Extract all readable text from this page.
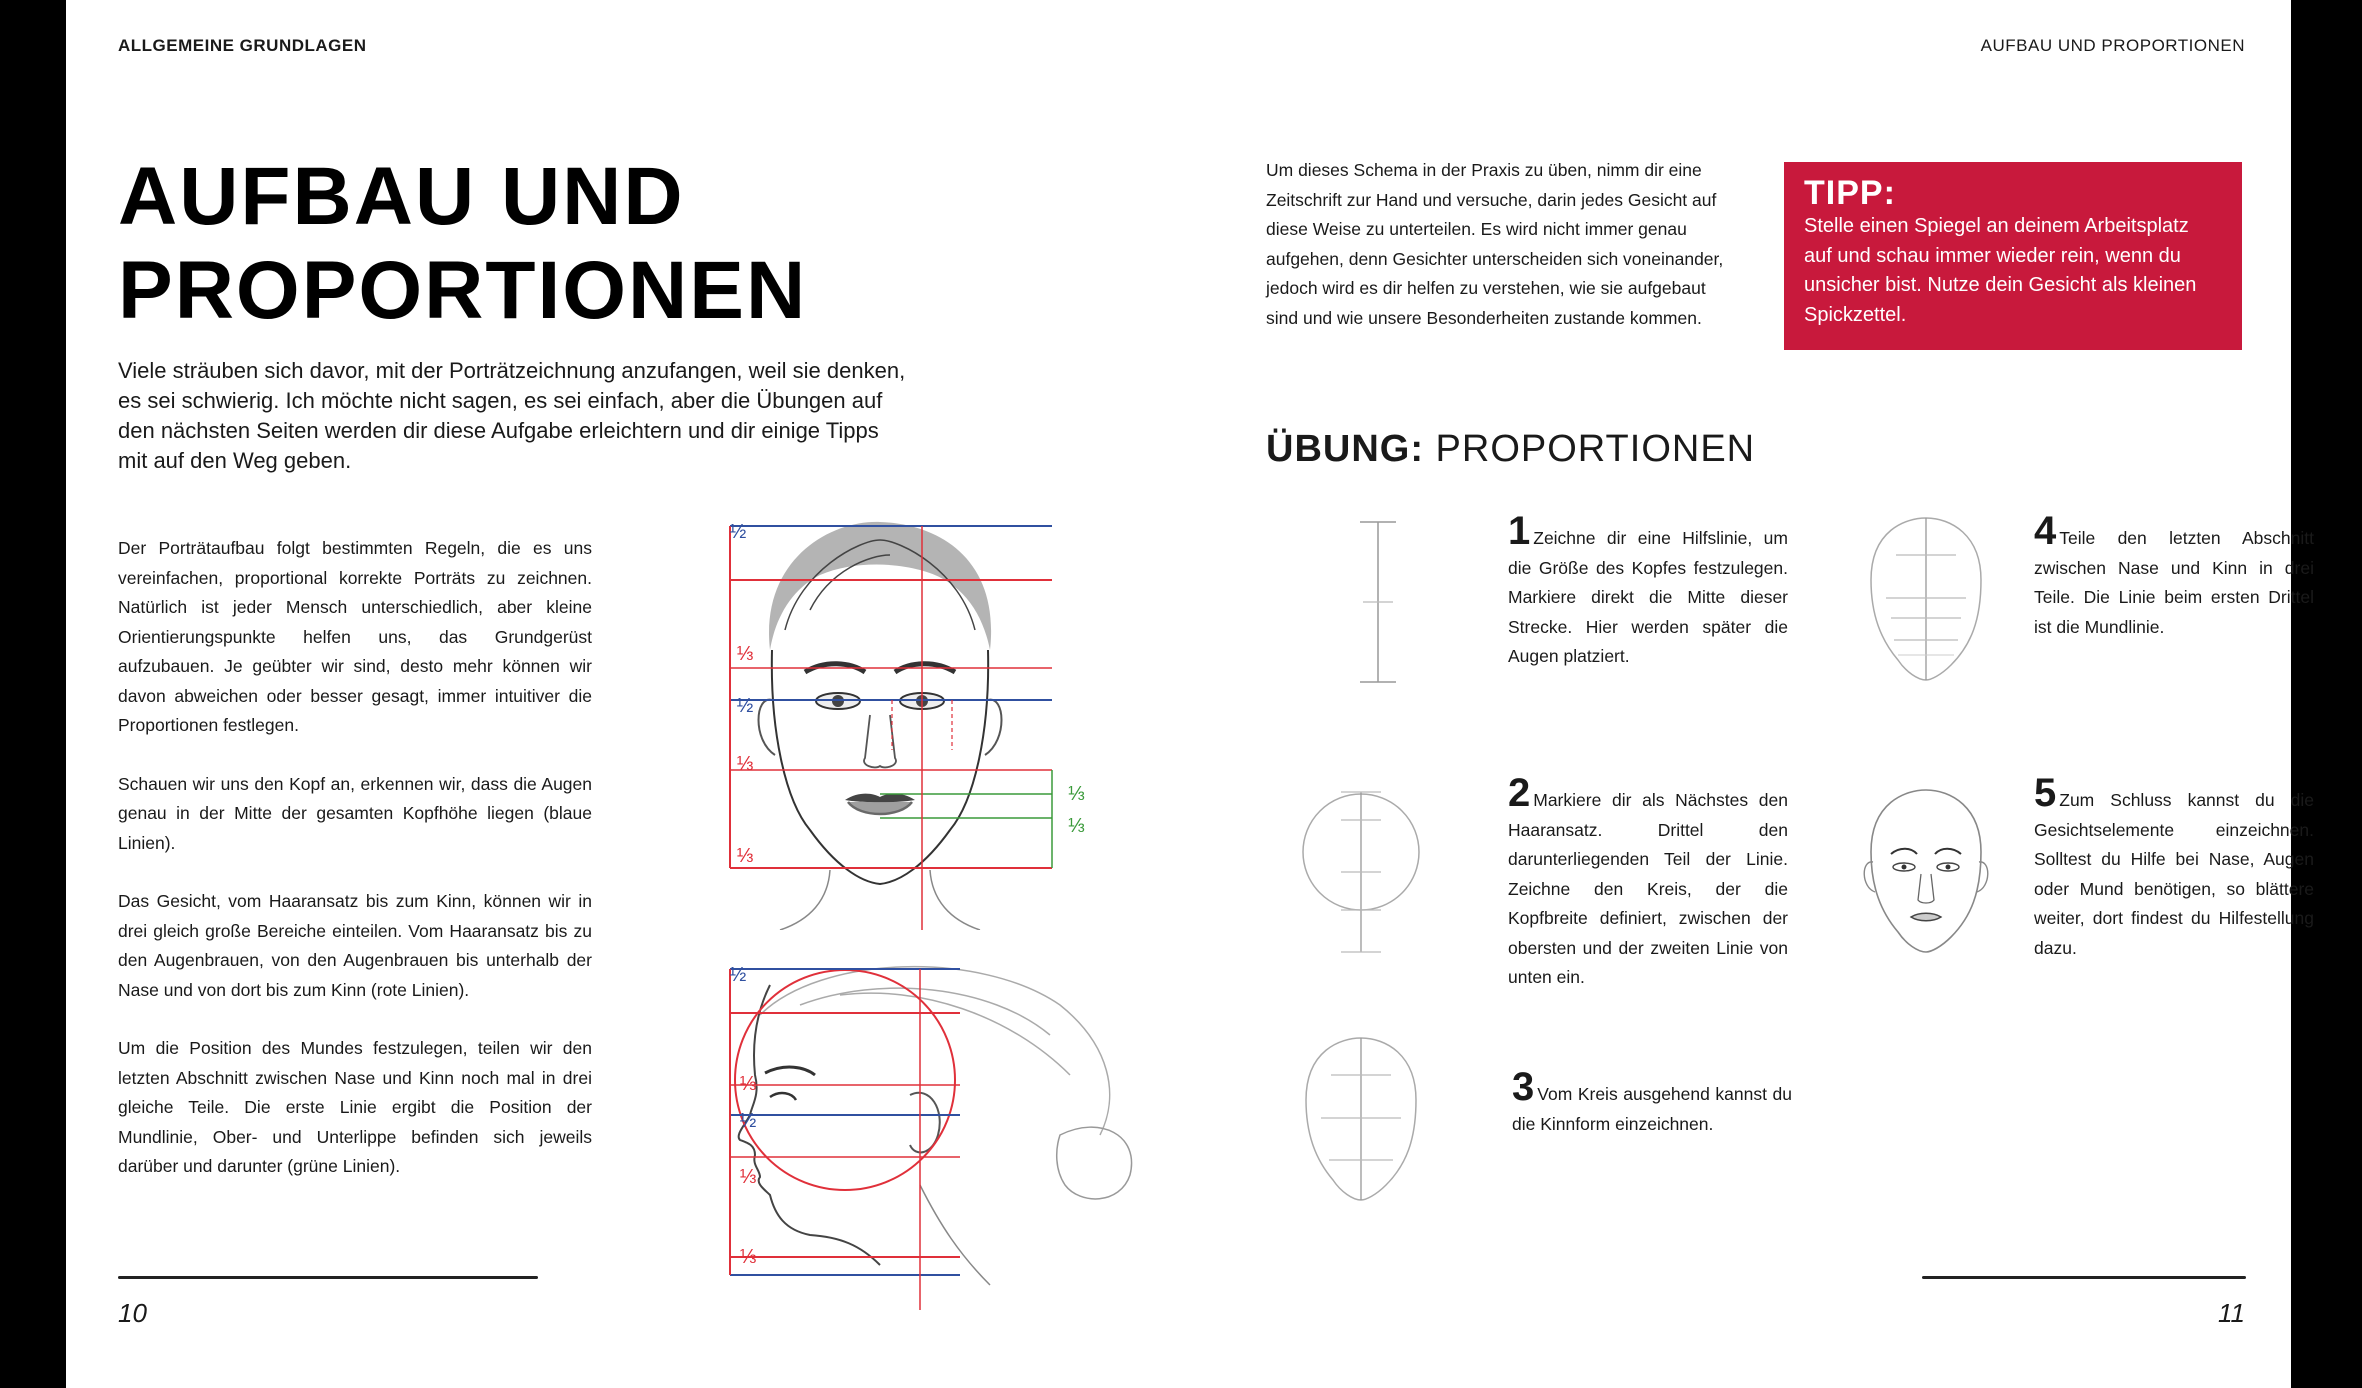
ALLGEMEINE GRUNDLAGEN	AUFBAU UND PROPORTIONEN
AUFBAU UND
PROPORTIONEN

Viele sträuben sich davor, mit der Porträtzeichnung anzufangen, weil sie denken, es sei schwierig. Ich möchte nicht sagen, es sei einfach, aber die Übungen auf den nächsten Seiten werden dir diese Aufgabe erleichtern und dir einige Tipps mit auf den Weg geben.

Der Porträtaufbau folgt bestimmten Regeln, die es uns vereinfachen, proportional korrekte Porträts zu zeichnen. Natürlich ist jeder Mensch unterschiedlich, aber kleine Orientierungspunkte helfen uns, das Grundgerüst aufzubauen. Je geübter wir sind, desto mehr können wir davon abweichen oder besser gesagt, immer intuitiver die Proportionen festlegen.

Schauen wir uns den Kopf an, erkennen wir, dass die Augen genau in der Mitte der gesamten Kopfhöhe liegen (blaue Linien).

Das Gesicht, vom Haaransatz bis zum Kinn, können wir in drei gleich große Bereiche einteilen. Vom Haaransatz bis zu den Augenbrauen, von den Augenbrauen bis unterhalb der Nase und von dort bis zum Kinn (rote Linien).

Um die Position des Mundes festzulegen, teilen wir den letzten Abschnitt zwischen Nase und Kinn noch mal in drei gleiche Teile. Die erste Linie ergibt die Position der Mundlinie, Ober- und Unterlippe befinden sich jeweils darüber und darunter (grüne Linien).

½
⅓
½
⅓
⅓
⅓
⅓
½
⅓
½
⅓
⅓

Um dieses Schema in der Praxis zu üben, nimm dir eine Zeitschrift zur Hand und versuche, darin jedes Gesicht auf diese Weise zu unterteilen. Es wird nicht immer genau aufgehen, denn Gesichter unterscheiden sich voneinander, jedoch wird es dir helfen zu verstehen, wie sie aufgebaut sind und wie unsere Besonderheiten zustande kommen.

TIPP:
Stelle einen Spiegel an deinem Arbeitsplatz auf und schau immer wieder rein, wenn du unsicher bist. Nutze dein Gesicht als kleinen Spickzettel.
ÜBUNG: PROPORTIONEN
1 Zeichne dir eine Hilfslinie, um die Größe des Kopfes festzulegen. Markiere direkt die Mitte dieser Strecke. Hier werden später die Augen platziert.
2 Markiere dir als Nächstes den Haaransatz. Drittel den darunterliegenden Teil der Linie. Zeichne den Kreis, der die Kopfbreite definiert, zwischen der obersten und der zweiten Linie von unten ein.
3 Vom Kreis ausgehend kannst du die Kinnform einzeichnen.
4 Teile den letzten Abschnitt zwischen Nase und Kinn in drei Teile. Die Linie beim ersten Drittel ist die Mundlinie.
5 Zum Schluss kannst du die Gesichtselemente einzeichnen. Solltest du Hilfe bei Nase, Augen oder Mund benötigen, so blättere weiter, dort findest du Hilfestellung dazu.
10	11
